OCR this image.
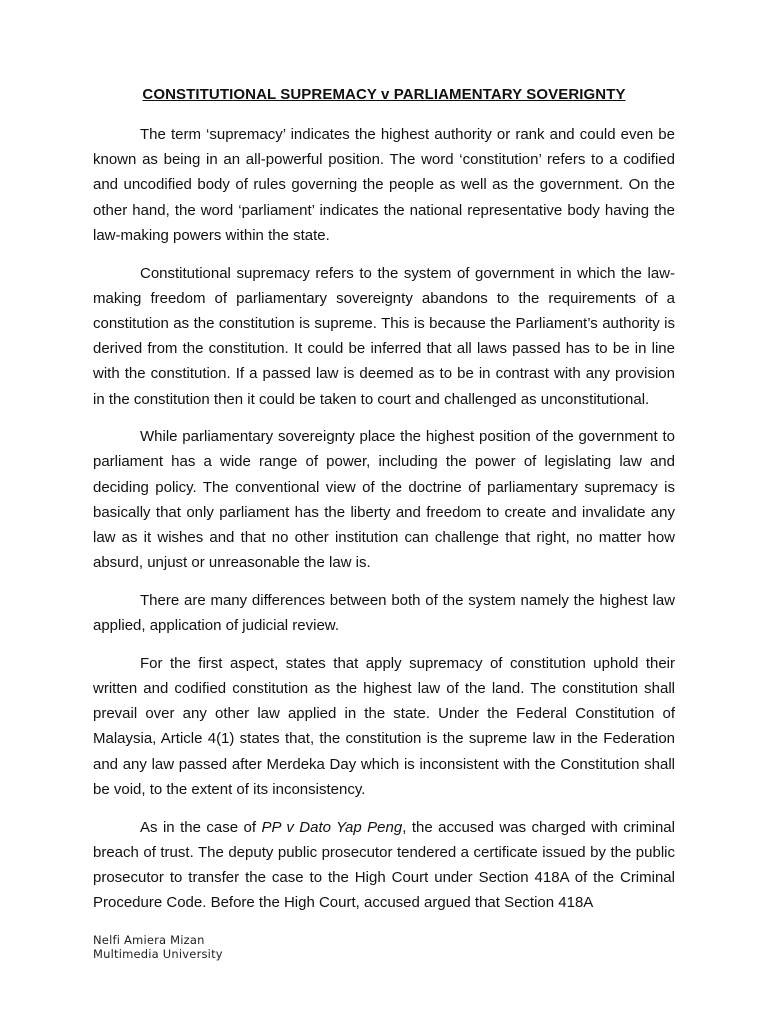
CONSTITUTIONAL SUPREMACY v PARLIAMENTARY SOVERIGNTY

The term ‘supremacy’ indicates the highest authority or rank and could even be known as being in an all-powerful position. The word ‘constitution’ refers to a codified and uncodified body of rules governing the people as well as the government. On the other hand, the word ‘parliament’ indicates the national representative body having the law-making powers within the state.

Constitutional supremacy refers to the system of government in which the law-making freedom of parliamentary sovereignty abandons to the requirements of a constitution as the constitution is supreme. This is because the Parliament’s authority is derived from the constitution. It could be inferred that all laws passed has to be in line with the constitution. If a passed law is deemed as to be in contrast with any provision in the constitution then it could be taken to court and challenged as unconstitutional.

While parliamentary sovereignty place the highest position of the government to parliament has a wide range of power, including the power of legislating law and deciding policy. The conventional view of the doctrine of parliamentary supremacy is basically that only parliament has the liberty and freedom to create and invalidate any law as it wishes and that no other institution can challenge that right, no matter how absurd, unjust or unreasonable the law is.

There are many differences between both of the system namely the highest law applied, application of judicial review.

For the first aspect, states that apply supremacy of constitution uphold their written and codified constitution as the highest law of the land. The constitution shall prevail over any other law applied in the state. Under the Federal Constitution of Malaysia, Article 4(1) states that, the constitution is the supreme law in the Federation and any law passed after Merdeka Day which is inconsistent with the Constitution shall be void, to the extent of its inconsistency.

As in the case of PP v Dato Yap Peng, the accused was charged with criminal breach of trust. The deputy public prosecutor tendered a certificate issued by the public prosecutor to transfer the case to the High Court under Section 418A of the Criminal Procedure Code. Before the High Court, accused argued that Section 418A

Nelfi Amiera Mizan
Multimedia University
